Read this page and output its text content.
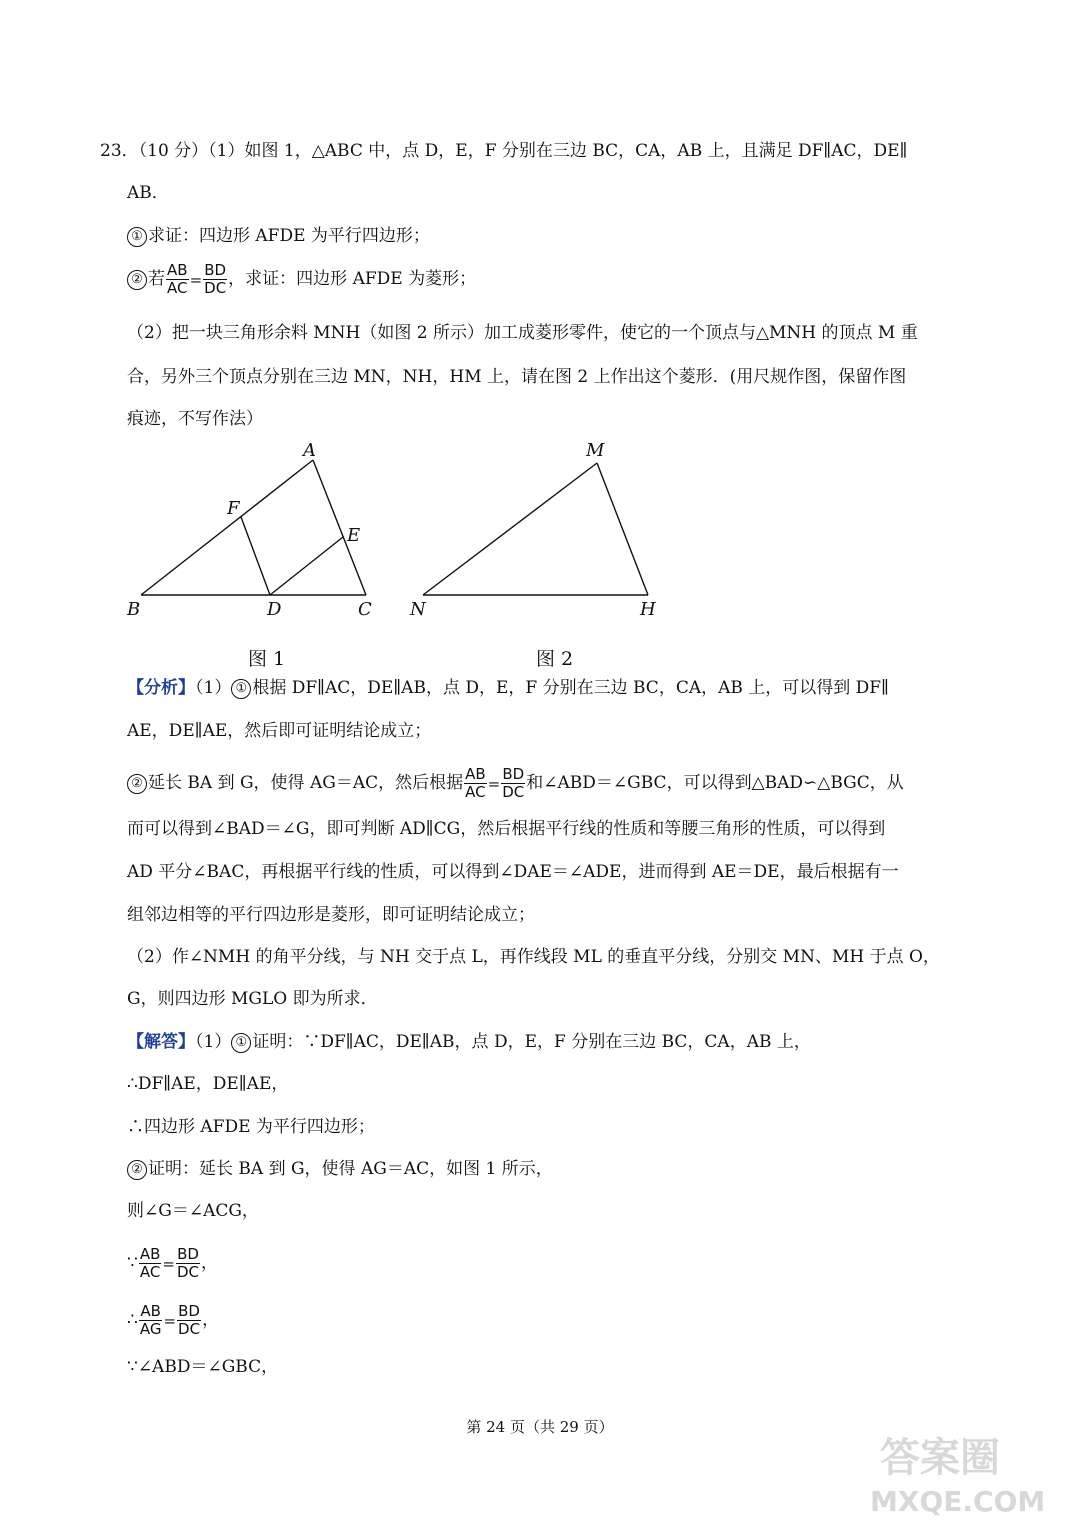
23．（10 分）（1）如图 1，△ABC 中，点 D，E，F 分别在三边 BC，CA，AB 上，且满足 DF∥AC，DE∥
AB．
① 求证：四边形 AFDE 为平行四边形；
② 若 $\frac{AB}{AC} = \frac{BD}{DC}$ ，求证：四边形 AFDE 为菱形；
（2）把一块三角形余料 MNH（如图 2 所示）加工成菱形零件，使它的一个顶点与△MNH 的顶点 M 重
合，另外三个顶点分别在三边 MN，NH，HM 上，请在图 2 上作出这个菱形．(用尺规作图，保留作图
痕迹，不写作法）
A
F
E
B	D	C
M
N	H
图 1	图 2
【分析】（1） ① 根据 DF∥AC，DE∥AB，点 D，E，F 分别在三边 BC，CA，AB 上，可以得到 DF∥
AE，DE∥AE，然后即可证明结论成立；
② 延长 BA 到 G，使得 AG＝AC，然后根据 $\frac{AB}{AC} = \frac{BD}{DC}$ 和∠ABD＝∠GBC，可以得到△BAD∽△BGC，从
而可以得到∠BAD＝∠G，即可判断 AD∥CG，然后根据平行线的性质和等腰三角形的性质，可以得到
AD 平分∠BAC，再根据平行线的性质，可以得到∠DAE＝∠ADE，进而得到 AE＝DE，最后根据有一
组邻边相等的平行四边形是菱形，即可证明结论成立；
（2）作∠NMH 的角平分线，与 NH 交于点 L，再作线段 ML 的垂直平分线，分别交 MN、MH 于点 O，
G，则四边形 MGLO 即为所求．
【解答】（1） ① 证明：∵DF∥AC，DE∥AB，点 D，E，F 分别在三边 BC，CA，AB 上，
∴DF∥AE，DE∥AE，
∴四边形 AFDE 为平行四边形；
② 证明：延长 BA 到 G，使得 AG＝AC，如图 1 所示，
则∠G＝∠ACG，
∵ $\frac{AB}{AC} = \frac{BD}{DC}$ ，
∴ $\frac{AB}{AG} = \frac{BD}{DC}$ ，
∵∠ABD＝∠GBC，
第 24 页（共 29 页）
答案圈
MXQE.COM
